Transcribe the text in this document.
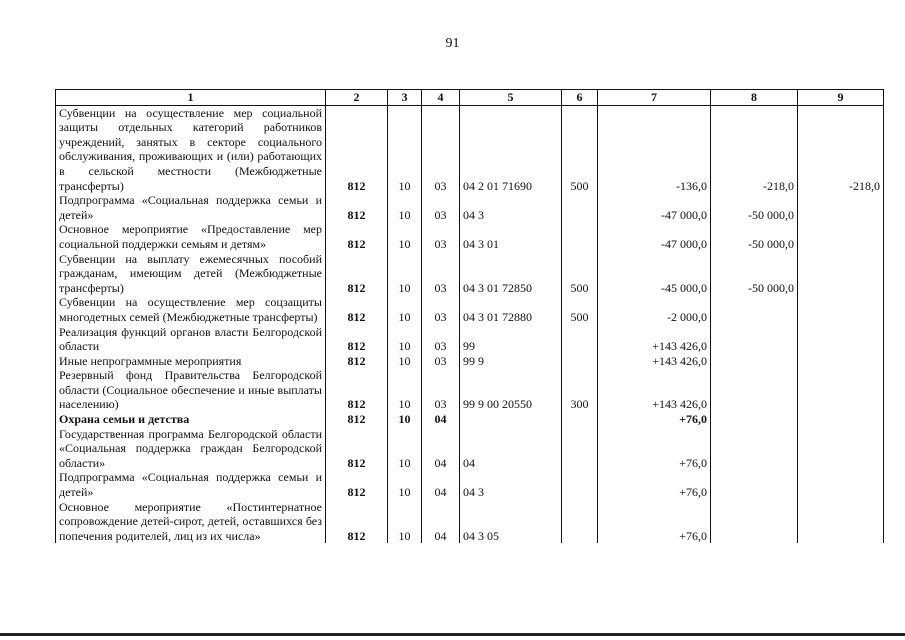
91
1	2	3	4	5	6	7	8	9
Субвенции на осуществление мер социальной защиты отдельных категорий работников учреждений, занятых в секторе социального обслуживания, проживающих и (или) работающих в сельской местности (Межбюджетные трансферты)	812	10	03	04 2 01 71690	500	-136,0	-218,0	-218,0
Подпрограмма «Социальная поддержка семьи и детей»	812	10	03	04 3		-47 000,0	-50 000,0	
Основное мероприятие «Предоставление мер социальной поддержки семьям и детям»	812	10	03	04 3 01		-47 000,0	-50 000,0	
Субвенции на выплату ежемесячных пособий гражданам, имеющим детей (Межбюджетные трансферты)	812	10	03	04 3 01 72850	500	-45 000,0	-50 000,0	
Субвенции на осуществление мер соцзащиты многодетных семей (Межбюджетные трансферты)	812	10	03	04 3 01 72880	500	-2 000,0		
Реализация функций органов власти Белгородской области	812	10	03	99		+143 426,0		
Иные непрограммные мероприятия	812	10	03	99 9		+143 426,0		
Резервный фонд Правительства Белгородской области (Социальное обеспечение и иные выплаты населению)	812	10	03	99 9 00 20550	300	+143 426,0		
Охрана семьи и детства	812	10	04			+76,0		
Государственная программа Белгородской области «Социальная поддержка граждан Белгородской области»	812	10	04	04		+76,0		
Подпрограмма «Социальная поддержка семьи и детей»	812	10	04	04 3		+76,0		
Основное мероприятие «Постинтернатное сопровождение детей-сирот, детей, оставшихся без попечения родителей, лиц из их числа»	812	10	04	04 3 05		+76,0		
